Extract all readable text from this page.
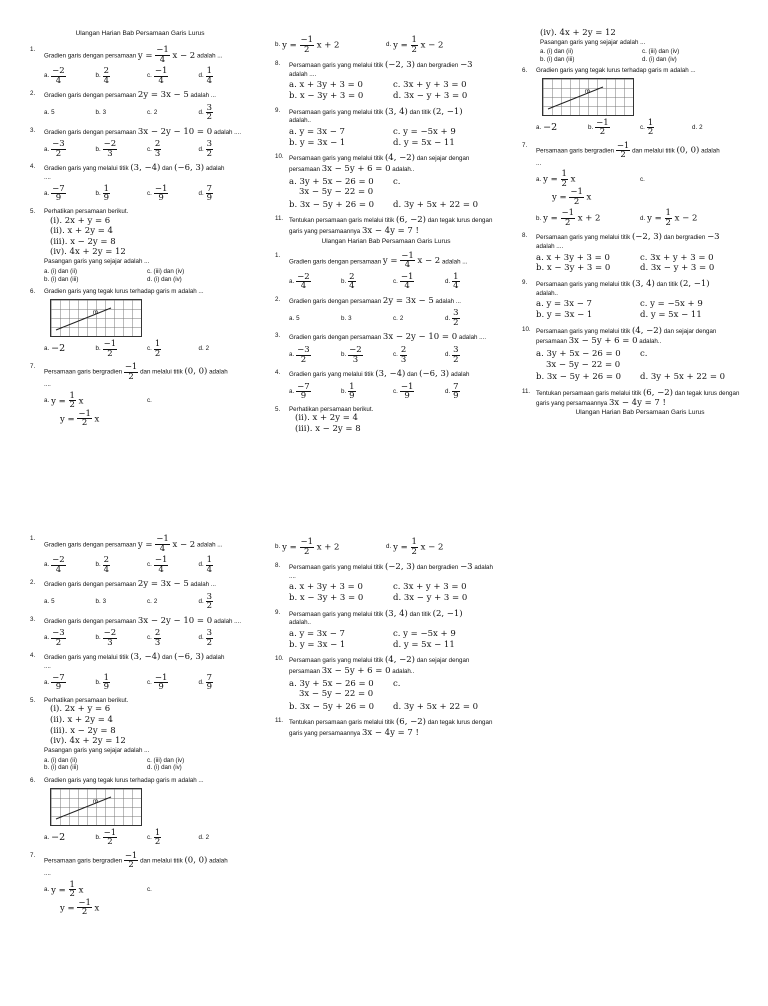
Ulangan Harian Bab Persamaan Garis Lurus
1.
Gradien garis dengan persamaan $y = \frac{-1}{4}$ x − 2 adalah ...
a. $\frac{-2}{4}$	b. $\frac{2}{4}$	c. $\frac{-1}{4}$	d. $\frac{1}{4}$
2. Gradien garis dengan persamaan 2y = 3x − 5 adalah ...
a. 5	b. 3	c. 2	d. $\frac{3}{2}$
3. Gradien garis dengan persamaan 3x − 2y − 10 = 0 adalah ....
a. $\frac{-3}{2}$	b. $\frac{-2}{3}$	c. $\frac{2}{3}$	d. $\frac{3}{2}$
4. Gradien garis yang melalui titik (3, −4) dan (−6, 3) adalah
....
a. $\frac{-7}{9}$	b. $\frac{1}{9}$	c. $\frac{-1}{9}$	d. $\frac{7}{9}$
5. Perhatikan persamaan berikut.
(i). 2x + y = 6
(ii). x + 2y = 4
(iii). x − 2y = 8
(iv). 4x + 2y = 12
Pasangan garis yang sejajar adalah ...
a. (i) dan (ii)	c. (iii) dan (iv)
b. (i) dan (iii)	d. (i) dan (iv)
6. Gradien garis yang tegak lurus terhadap garis m adalah ...
m
a. −2	b. $\frac{-1}{2}$	c. $\frac{1}{2}$	d. 2
7.
Persamaan garis bergradien $\frac{-1}{2}$ dan melalui titik (0, 0) adalah
....
a. $y = \frac{1}{2}$ x	c.
$y = \frac{-1}{2}$ x
b. $y = \frac{-1}{2}$ x + 2	d. $y = \frac{1}{2}$ x − 2
8. Persamaan garis yang melalui titik (−2, 3) dan bergradien −3
adalah ....
a. x + 3y + 3 = 0	c. 3x + y + 3 = 0
b. x − 3y + 3 = 0	d. 3x − y + 3 = 0
9. Persamaan garis yang melalui titik (3, 4) dan titik (2, −1)
adalah..
a. y = 3x − 7	c. y = −5x + 9
b. y = 3x − 1	d. y = 5x − 11
10. Persamaan garis yang melalui titik (4, −2) dan sejajar dengan persamaan 3x − 5y + 6 = 0 adalah..
a. 3y + 5x − 26 = 0	c.
3x − 5y − 22 = 0
b. 3x − 5y + 26 = 0	d. 3y + 5x + 22 = 0
11. Tentukan persamaan garis melalui titik (6, −2) dan tegak lurus dengan garis yang persamaannya 3x − 4y = 7 !
Ulangan Harian Bab Persamaan Garis Lurus
1.
Gradien garis dengan persamaan $y = \frac{-1}{4}$ x − 2 adalah ...
a. $\frac{-2}{4}$	b. $\frac{2}{4}$	c. $\frac{-1}{4}$	d. $\frac{1}{4}$
2. Gradien garis dengan persamaan 2y = 3x − 5 adalah ...
a. 5	b. 3	c. 2	d. $\frac{3}{2}$
3. Gradien garis dengan persamaan 3x − 2y − 10 = 0 adalah ....
a. $\frac{-3}{2}$	b. $\frac{-2}{3}$	c. $\frac{2}{3}$	d. $\frac{3}{2}$
4. Gradien garis yang melalui titik (3, −4) dan (−6, 3) adalah
a. $\frac{-7}{9}$	b. $\frac{1}{9}$	c. $\frac{-1}{9}$	d. $\frac{7}{9}$
5. Perhatikan persamaan berikut.
(ii). x + 2y = 4
(iii). x − 2y = 8
(iv). 4x + 2y = 12
Pasangan garis yang sejajar adalah ...
a. (i) dan (ii)	c. (iii) dan (iv)
b. (i) dan (iii)	d. (i) dan (iv)
6. Gradien garis yang tegak lurus terhadap garis m adalah ...
m
a. −2	b. $\frac{-1}{2}$	c. $\frac{1}{2}$	d. 2
7.
Persamaan garis bergradien $\frac{-1}{2}$ dan melalui titik (0, 0) adalah
...
a. $y = \frac{1}{2}$ x	c.
$y = \frac{-1}{2}$ x
b. $y = \frac{-1}{2}$ x + 2	d. $y = \frac{1}{2}$ x − 2
8. Persamaan garis yang melalui titik (−2, 3) dan bergradien −3
adalah ....
a. x + 3y + 3 = 0	c. 3x + y + 3 = 0
b. x − 3y + 3 = 0	d. 3x − y + 3 = 0
9. Persamaan garis yang melalui titik (3, 4) dan titik (2, −1)
adalah..
a. y = 3x − 7	c. y = −5x + 9
b. y = 3x − 1	d. y = 5x − 11
10. Persamaan garis yang melalui titik (4, −2) dan sejajar dengan persamaan 3x − 5y + 6 = 0 adalah..
a. 3y + 5x − 26 = 0	c.
3x − 5y − 22 = 0
b. 3x − 5y + 26 = 0	d. 3y + 5x + 22 = 0
11. Tentukan persamaan garis melalui titik (6, −2) dan tegak lurus dengan garis yang persamaannya 3x − 4y = 7 !
Ulangan Harian Bab Persamaan Garis Lurus
1.
Gradien garis dengan persamaan $y = \frac{-1}{4}$ x − 2 adalah ...
a. $\frac{-2}{4}$	b. $\frac{2}{4}$	c. $\frac{-1}{4}$	d. $\frac{1}{4}$
2. Gradien garis dengan persamaan 2y = 3x − 5 adalah ...
a. 5	b. 3	c. 2	d. $\frac{3}{2}$
3. Gradien garis dengan persamaan 3x − 2y − 10 = 0 adalah ....
a. $\frac{-3}{2}$	b. $\frac{-2}{3}$	c. $\frac{2}{3}$	d. $\frac{3}{2}$
4. Gradien garis yang melalui titik (3, −4) dan (−6, 3) adalah
....
a. $\frac{-7}{9}$	b. $\frac{1}{9}$	c. $\frac{-1}{9}$	d. $\frac{7}{9}$
5. Perhatikan persamaan berikut.
(i). 2x + y = 6
(ii). x + 2y = 4
(iii). x − 2y = 8
(iv). 4x + 2y = 12
Pasangan garis yang sejajar adalah ...
a. (i) dan (ii)	c. (iii) dan (iv)
b. (i) dan (iii)	d. (i) dan (iv)
6. Gradien garis yang tegak lurus terhadap garis m adalah ...
m
a. −2	b. $\frac{-1}{2}$	c. $\frac{1}{2}$	d. 2
7.
Persamaan garis bergradien $\frac{-1}{2}$ dan melalui titik (0, 0) adalah
....
a. $y = \frac{1}{2}$ x	c.
$y = \frac{-1}{2}$ x
b. $y = \frac{-1}{2}$ x + 2	d. $y = \frac{1}{2}$ x − 2
8. Persamaan garis yang melalui titik (−2, 3) dan bergradien −3 adalah ....
a. x + 3y + 3 = 0	c. 3x + y + 3 = 0
b. x − 3y + 3 = 0	d. 3x − y + 3 = 0
9. Persamaan garis yang melalui titik (3, 4) dan titik (2, −1)
adalah..
a. y = 3x − 7	c. y = −5x + 9
b. y = 3x − 1	d. y = 5x − 11
10. Persamaan garis yang melalui titik (4, −2) dan sejajar dengan persamaan 3x − 5y + 6 = 0 adalah..
a. 3y + 5x − 26 = 0	c.
3x − 5y − 22 = 0
b. 3x − 5y + 26 = 0	d. 3y + 5x + 22 = 0
11. Tentukan persamaan garis melalui titik (6, −2) dan tegak lurus dengan garis yang persamaannya 3x − 4y = 7 !
